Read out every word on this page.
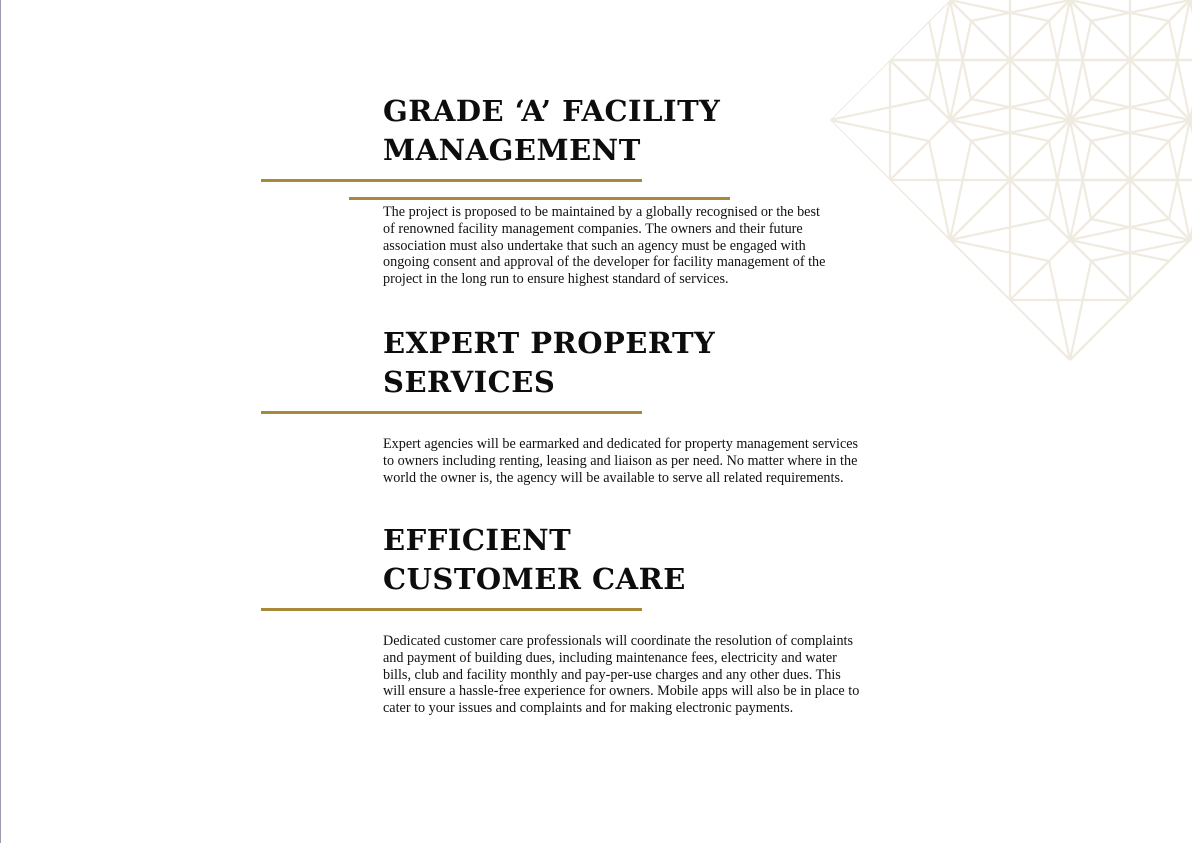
GRADE ‘A’ FACILITY
MANAGEMENT

The project is proposed to be maintained by a globally recognised or the best
of renowned facility management companies. The owners and their future
association must also undertake that such an agency must be engaged with
ongoing consent and approval of the developer for facility management of the
project in the long run to ensure highest standard of services.

EXPERT PROPERTY
SERVICES

Expert agencies will be earmarked and dedicated for property management services
to owners including renting, leasing and liaison as per need. No matter where in the
world the owner is, the agency will be available to serve all related requirements.

EFFICIENT
CUSTOMER CARE

Dedicated customer care professionals will coordinate the resolution of complaints
and payment of building dues, including maintenance fees, electricity and water
bills, club and facility monthly and pay-per-use charges and any other dues. This
will ensure a hassle-free experience for owners. Mobile apps will also be in place to
cater to your issues and complaints and for making electronic payments.
